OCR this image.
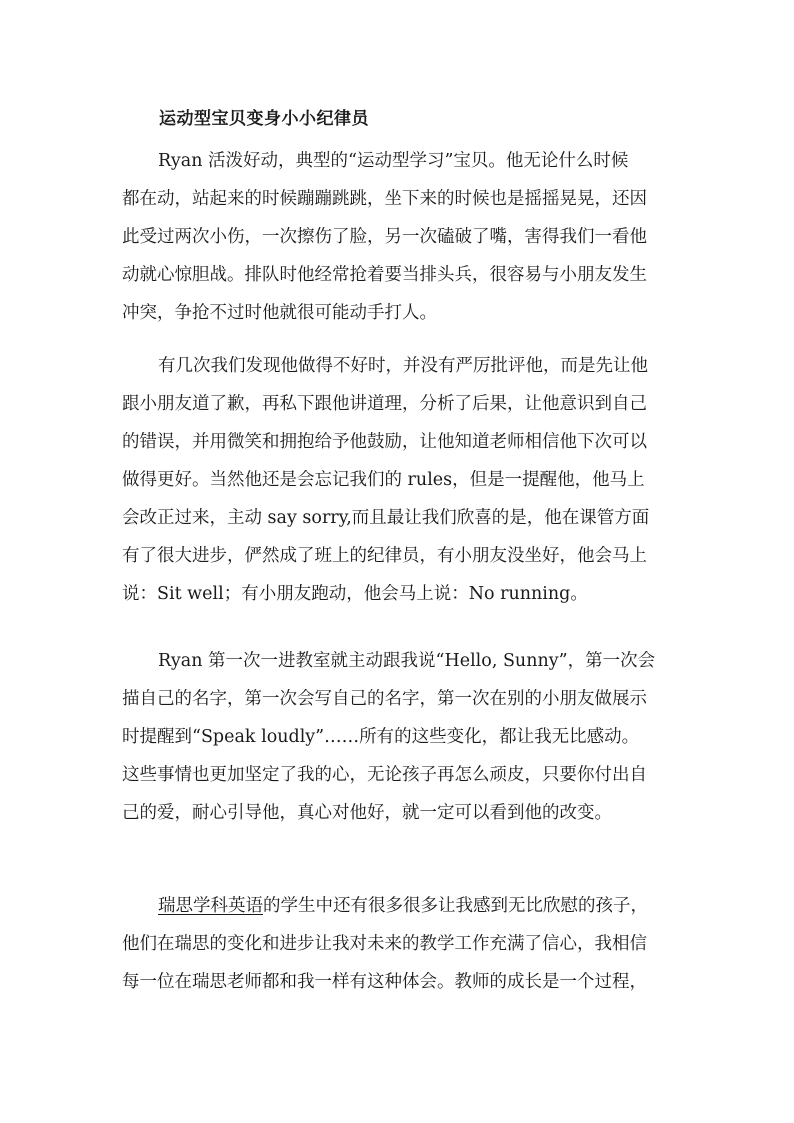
运动型宝贝变身小小纪律员

Ryan 活泼好动，典型的“运动型学习”宝贝。他无论什么时候
都在动，站起来的时候蹦蹦跳跳，坐下来的时候也是摇摇晃晃，还因
此受过两次小伤，一次擦伤了脸，另一次磕破了嘴，害得我们一看他
动就心惊胆战。排队时他经常抢着要当排头兵，很容易与小朋友发生
冲突，争抢不过时他就很可能动手打人。

有几次我们发现他做得不好时，并没有严厉批评他，而是先让他
跟小朋友道了歉，再私下跟他讲道理，分析了后果，让他意识到自己
的错误，并用微笑和拥抱给予他鼓励，让他知道老师相信他下次可以
做得更好。当然他还是会忘记我们的 rules，但是一提醒他，他马上
会改正过来，主动 say sorry,而且最让我们欣喜的是，他在课管方面
有了很大进步，俨然成了班上的纪律员，有小朋友没坐好，他会马上
说：Sit well；有小朋友跑动，他会马上说：No running。

Ryan 第一次一进教室就主动跟我说“Hello, Sunny”，第一次会
描自己的名字，第一次会写自己的名字，第一次在别的小朋友做展示
时提醒到“Speak loudly”……所有的这些变化，都让我无比感动。
这些事情也更加坚定了我的心，无论孩子再怎么顽皮，只要你付出自
己的爱，耐心引导他，真心对他好，就一定可以看到他的改变。

瑞思学科英语的学生中还有很多很多让我感到无比欣慰的孩子，
他们在瑞思的变化和进步让我对未来的教学工作充满了信心，我相信
每一位在瑞思老师都和我一样有这种体会。教师的成长是一个过程，
